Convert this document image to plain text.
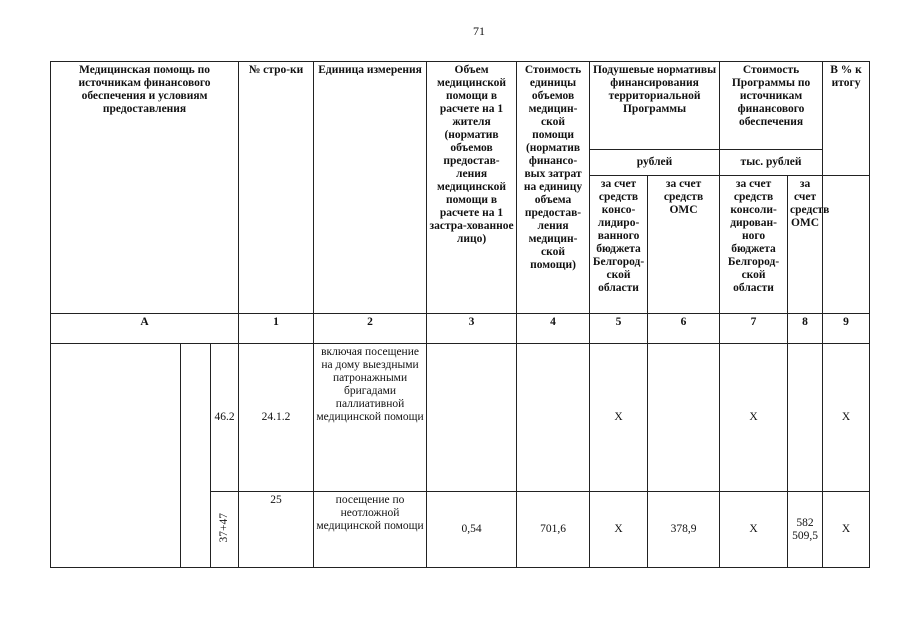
71
Медицинская помощь по источникам финансового обеспечения и условиям предоставления			№ стро-ки	Единица измерения	Объем медицинской помощи в расчете на 1 жителя (норматив объемов предостав-ления медицинской помощи в расчете на 1 застра-хованное лицо)	Стоимость единицы объемов медицин-ской помощи (норматив финансо-вых затрат на единицу объема предостав-ления медицин-ской помощи)	Подушевые нормативы финансирования территориальной Программы		Стоимость Программы по источникам финансового обеспечения		В % к итогу
							рублей		тыс. рублей		
							за счет средств консо-лидиро-ванного бюджета Белгород-ской области	за счет средств ОМС	за счет средств консоли-дирован-ного бюджета Белгород-ской области	за счет средств ОМС	
А			1	2	3	4	5	6	7	8	9
		46.2	24.1.2	включая посещение на дому выездными патронажными бригадами паллиативной медицинской помощи			Х		Х		Х
		37+47	25	посещение по неотложной медицинской помощи	0,54	701,6	Х	378,9	Х	582 509,5	Х
